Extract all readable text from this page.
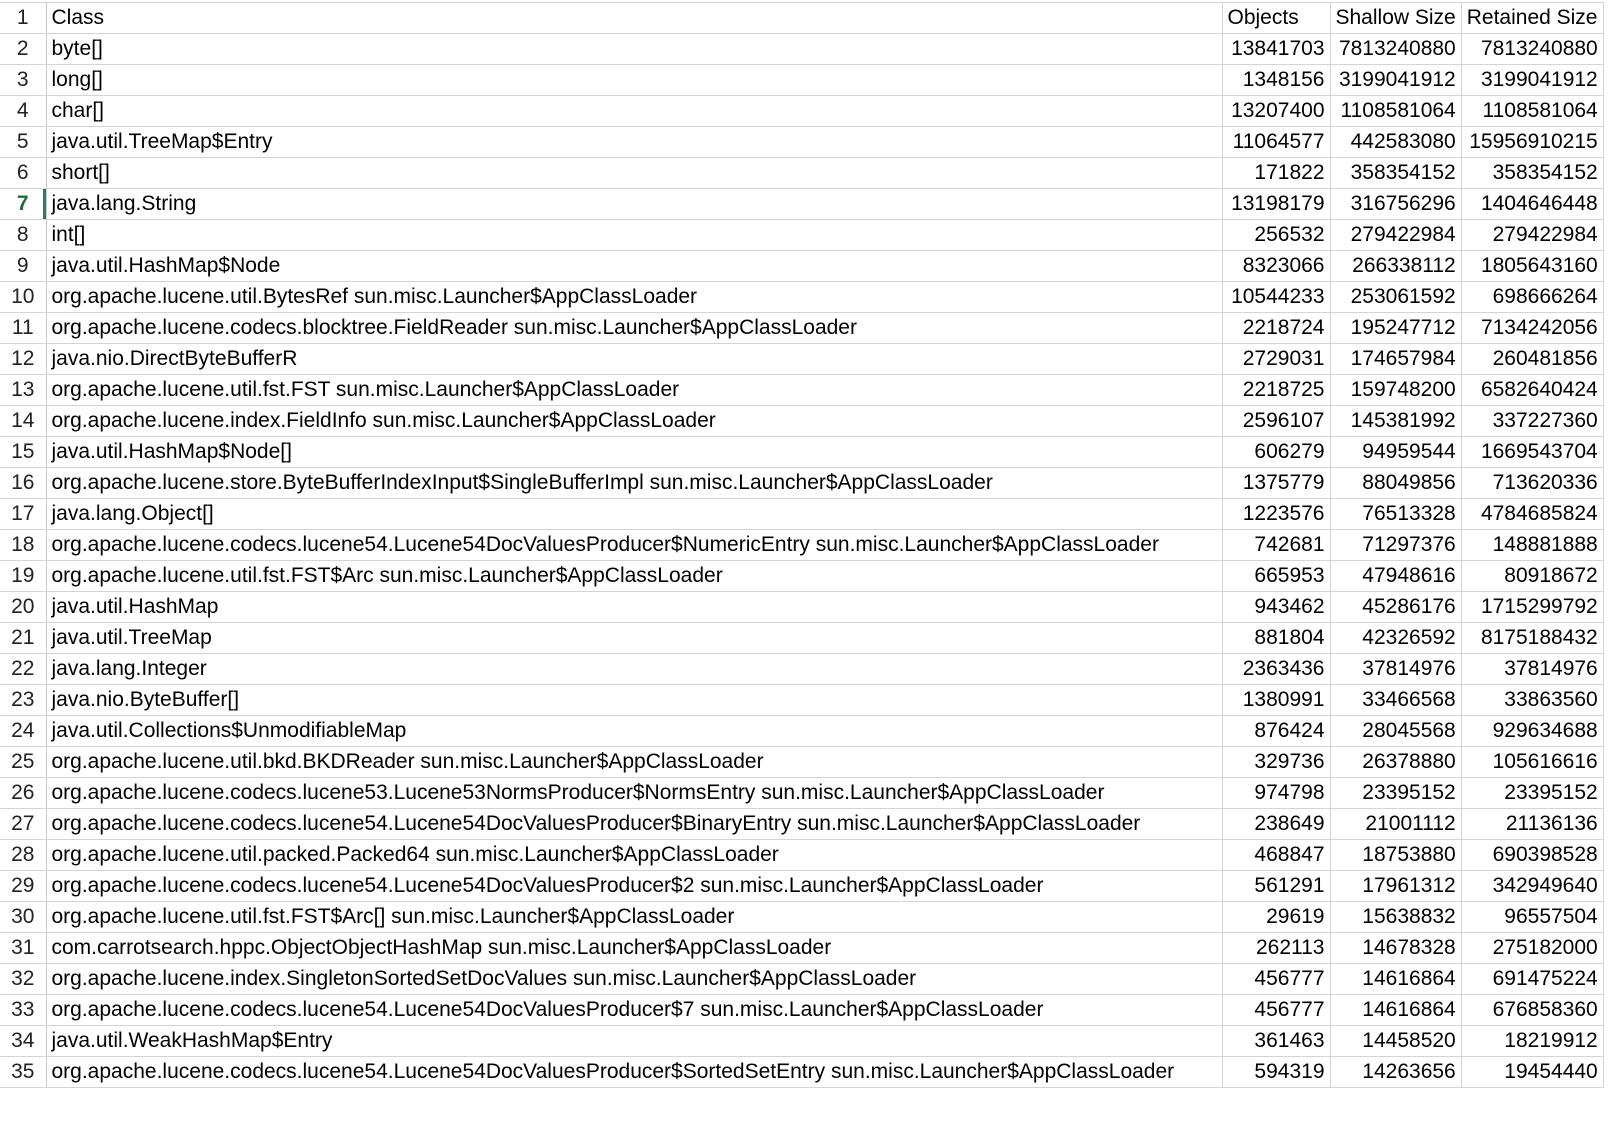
1	Class	Objects	Shallow Size	Retained Size
2	byte[]	13841703	7813240880	7813240880
3	long[]	1348156	3199041912	3199041912
4	char[]	13207400	1108581064	1108581064
5	java.util.TreeMap$Entry	11064577	442583080	15956910215
6	short[]	171822	358354152	358354152
7	java.lang.String	13198179	316756296	1404646448
8	int[]	256532	279422984	279422984
9	java.util.HashMap$Node	8323066	266338112	1805643160
10	org.apache.lucene.util.BytesRef sun.misc.Launcher$AppClassLoader	10544233	253061592	698666264
11	org.apache.lucene.codecs.blocktree.FieldReader sun.misc.Launcher$AppClassLoader	2218724	195247712	7134242056
12	java.nio.DirectByteBufferR	2729031	174657984	260481856
13	org.apache.lucene.util.fst.FST sun.misc.Launcher$AppClassLoader	2218725	159748200	6582640424
14	org.apache.lucene.index.FieldInfo sun.misc.Launcher$AppClassLoader	2596107	145381992	337227360
15	java.util.HashMap$Node[]	606279	94959544	1669543704
16	org.apache.lucene.store.ByteBufferIndexInput$SingleBufferImpl sun.misc.Launcher$AppClassLoader	1375779	88049856	713620336
17	java.lang.Object[]	1223576	76513328	4784685824
18	org.apache.lucene.codecs.lucene54.Lucene54DocValuesProducer$NumericEntry sun.misc.Launcher$AppClassLoader	742681	71297376	148881888
19	org.apache.lucene.util.fst.FST$Arc sun.misc.Launcher$AppClassLoader	665953	47948616	80918672
20	java.util.HashMap	943462	45286176	1715299792
21	java.util.TreeMap	881804	42326592	8175188432
22	java.lang.Integer	2363436	37814976	37814976
23	java.nio.ByteBuffer[]	1380991	33466568	33863560
24	java.util.Collections$UnmodifiableMap	876424	28045568	929634688
25	org.apache.lucene.util.bkd.BKDReader sun.misc.Launcher$AppClassLoader	329736	26378880	105616616
26	org.apache.lucene.codecs.lucene53.Lucene53NormsProducer$NormsEntry sun.misc.Launcher$AppClassLoader	974798	23395152	23395152
27	org.apache.lucene.codecs.lucene54.Lucene54DocValuesProducer$BinaryEntry sun.misc.Launcher$AppClassLoader	238649	21001112	21136136
28	org.apache.lucene.util.packed.Packed64 sun.misc.Launcher$AppClassLoader	468847	18753880	690398528
29	org.apache.lucene.codecs.lucene54.Lucene54DocValuesProducer$2 sun.misc.Launcher$AppClassLoader	561291	17961312	342949640
30	org.apache.lucene.util.fst.FST$Arc[] sun.misc.Launcher$AppClassLoader	29619	15638832	96557504
31	com.carrotsearch.hppc.ObjectObjectHashMap sun.misc.Launcher$AppClassLoader	262113	14678328	275182000
32	org.apache.lucene.index.SingletonSortedSetDocValues sun.misc.Launcher$AppClassLoader	456777	14616864	691475224
33	org.apache.lucene.codecs.lucene54.Lucene54DocValuesProducer$7 sun.misc.Launcher$AppClassLoader	456777	14616864	676858360
34	java.util.WeakHashMap$Entry	361463	14458520	18219912
35	org.apache.lucene.codecs.lucene54.Lucene54DocValuesProducer$SortedSetEntry sun.misc.Launcher$AppClassLoader	594319	14263656	19454440
